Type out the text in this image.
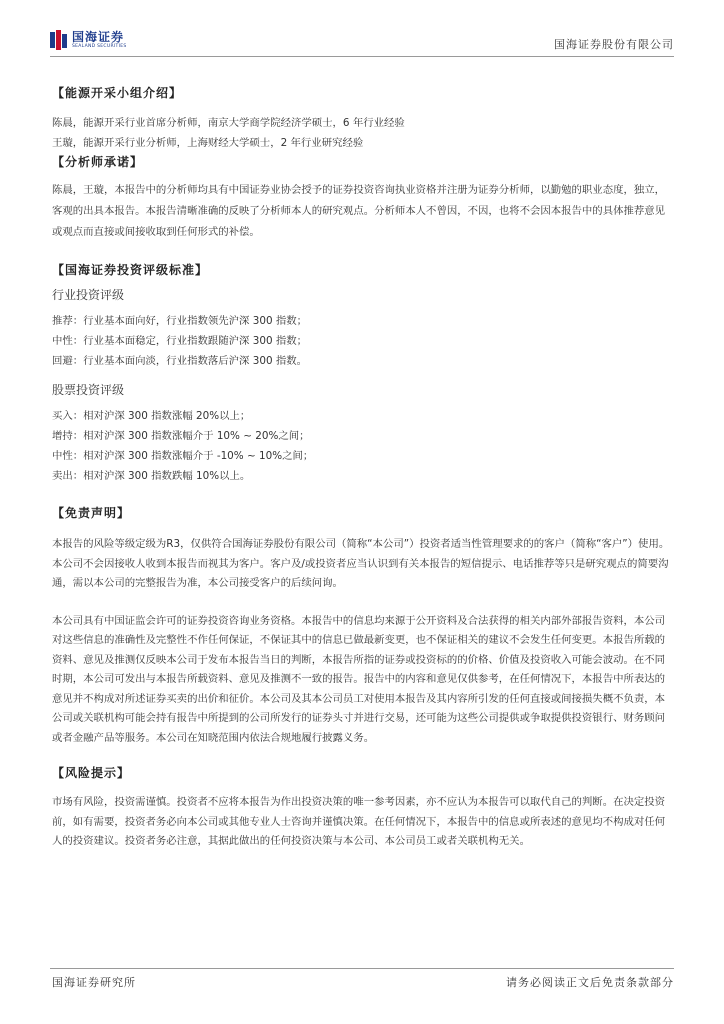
国海证券
SEALAND SECURITIES	国海证券股份有限公司
【能源开采小组介绍】

陈晨，能源开采行业首席分析师，南京大学商学院经济学硕士，6 年行业经验

王璇，能源开采行业分析师，上海财经大学硕士，2 年行业研究经验

【分析师承诺】

陈晨，王璇，本报告中的分析师均具有中国证券业协会授予的证券投资咨询执业资格并注册为证券分析师，以勤勉的职业态度，独立，客观的出具本报告。本报告清晰准确的反映了分析师本人的研究观点。分析师本人不曾因，不因，也将不会因本报告中的具体推荐意见或观点而直接或间接收取到任何形式的补偿。

【国海证券投资评级标准】
行业投资评级

推荐：行业基本面向好，行业指数领先沪深 300 指数；

中性：行业基本面稳定，行业指数跟随沪深 300 指数；

回避：行业基本面向淡，行业指数落后沪深 300 指数。

股票投资评级

买入：相对沪深 300 指数涨幅 20%以上；

增持：相对沪深 300 指数涨幅介于 10% ~ 20%之间；

中性：相对沪深 300 指数涨幅介于 -10% ~ 10%之间；

卖出：相对沪深 300 指数跌幅 10%以上。

【免责声明】

本报告的风险等级定级为R3，仅供符合国海证券股份有限公司（简称“本公司”）投资者适当性管理要求的的客户（简称“客户”）使用。本公司不会因接收人收到本报告而视其为客户。客户及/或投资者应当认识到有关本报告的短信提示、电话推荐等只是研究观点的简要沟通，需以本公司的完整报告为准，本公司接受客户的后续问询。

本公司具有中国证监会许可的证券投资咨询业务资格。本报告中的信息均来源于公开资料及合法获得的相关内部外部报告资料，本公司对这些信息的准确性及完整性不作任何保证，不保证其中的信息已做最新变更，也不保证相关的建议不会发生任何变更。本报告所载的资料、意见及推测仅反映本公司于发布本报告当日的判断，本报告所指的证券或投资标的的价格、价值及投资收入可能会波动。在不同时期，本公司可发出与本报告所载资料、意见及推测不一致的报告。报告中的内容和意见仅供参考，在任何情况下，本报告中所表达的意见并不构成对所述证券买卖的出价和征价。本公司及其本公司员工对使用本报告及其内容所引发的任何直接或间接损失概不负责，本公司或关联机构可能会持有报告中所提到的公司所发行的证券头寸并进行交易，还可能为这些公司提供或争取提供投资银行、财务顾问或者金融产品等服务。本公司在知晓范围内依法合规地履行披露义务。

【风险提示】

市场有风险，投资需谨慎。投资者不应将本报告为作出投资决策的唯一参考因素，亦不应认为本报告可以取代自己的判断。在决定投资前，如有需要，投资者务必向本公司或其他专业人士咨询并谨慎决策。在任何情况下，本报告中的信息或所表述的意见均不构成对任何人的投资建议。投资者务必注意，其据此做出的任何投资决策与本公司、本公司员工或者关联机构无关。

国海证券研究所	请务必阅读正文后免责条款部分
